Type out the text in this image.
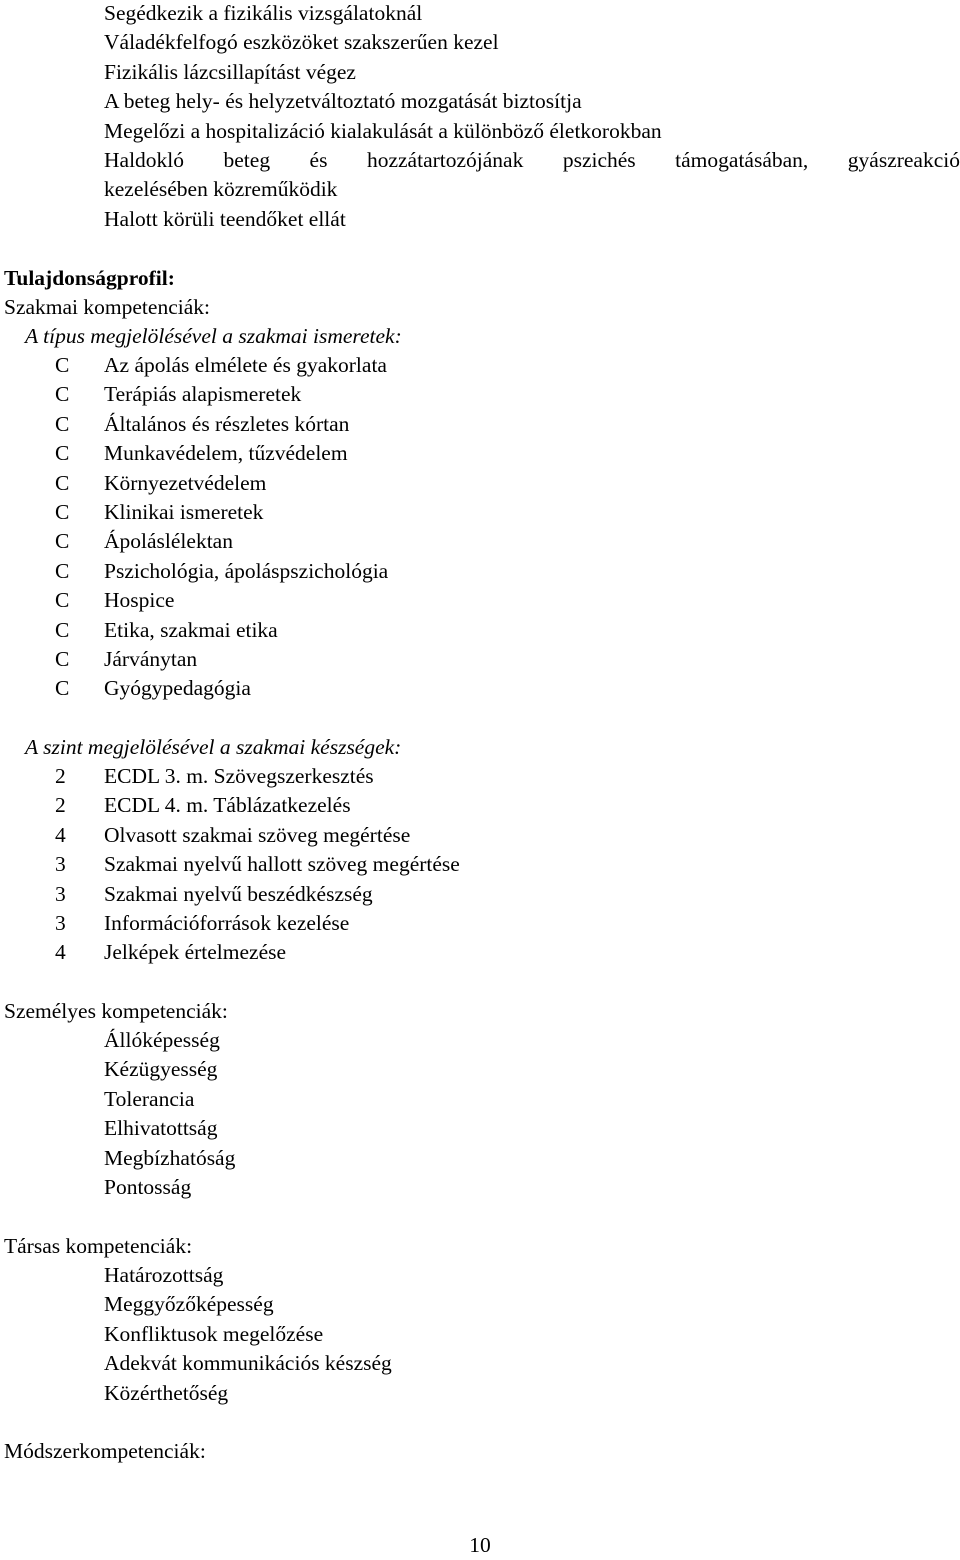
Segédkezik a fizikális vizsgálatoknál
Váladékfelfogó eszközöket szakszerűen kezel
Fizikális lázcsillapítást végez
A beteg hely- és helyzetváltoztató mozgatását biztosítja
Megelőzi a hospitalizáció kialakulását a különböző életkorokban
Haldokló beteg és hozzátartozójának pszichés támogatásában, gyászreakció
kezelésében közreműködik
Halott körüli teendőket ellát
Tulajdonságprofil:
Szakmai kompetenciák:
A típus megjelölésével a szakmai ismeretek:
C Az ápolás elmélete és gyakorlata
C Terápiás alapismeretek
C Általános és részletes kórtan
C Munkavédelem, tűzvédelem
C Környezetvédelem
C Klinikai ismeretek
C Ápoláslélektan
C Pszichológia, ápoláspszichológia
C Hospice
C Etika, szakmai etika
C Járványtan
C Gyógypedagógia
A szint megjelölésével a szakmai készségek:
2 ECDL 3. m. Szövegszerkesztés
2 ECDL 4. m. Táblázatkezelés
4 Olvasott szakmai szöveg megértése
3 Szakmai nyelvű hallott szöveg megértése
3 Szakmai nyelvű beszédkészség
3 Információforrások kezelése
4 Jelképek értelmezése
Személyes kompetenciák:
Állóképesség
Kézügyesség
Tolerancia
Elhivatottság
Megbízhatóság
Pontosság
Társas kompetenciák:
Határozottság
Meggyőzőképesség
Konfliktusok megelőzése
Adekvát kommunikációs készség
Közérthetőség
Módszerkompetenciák:
10
